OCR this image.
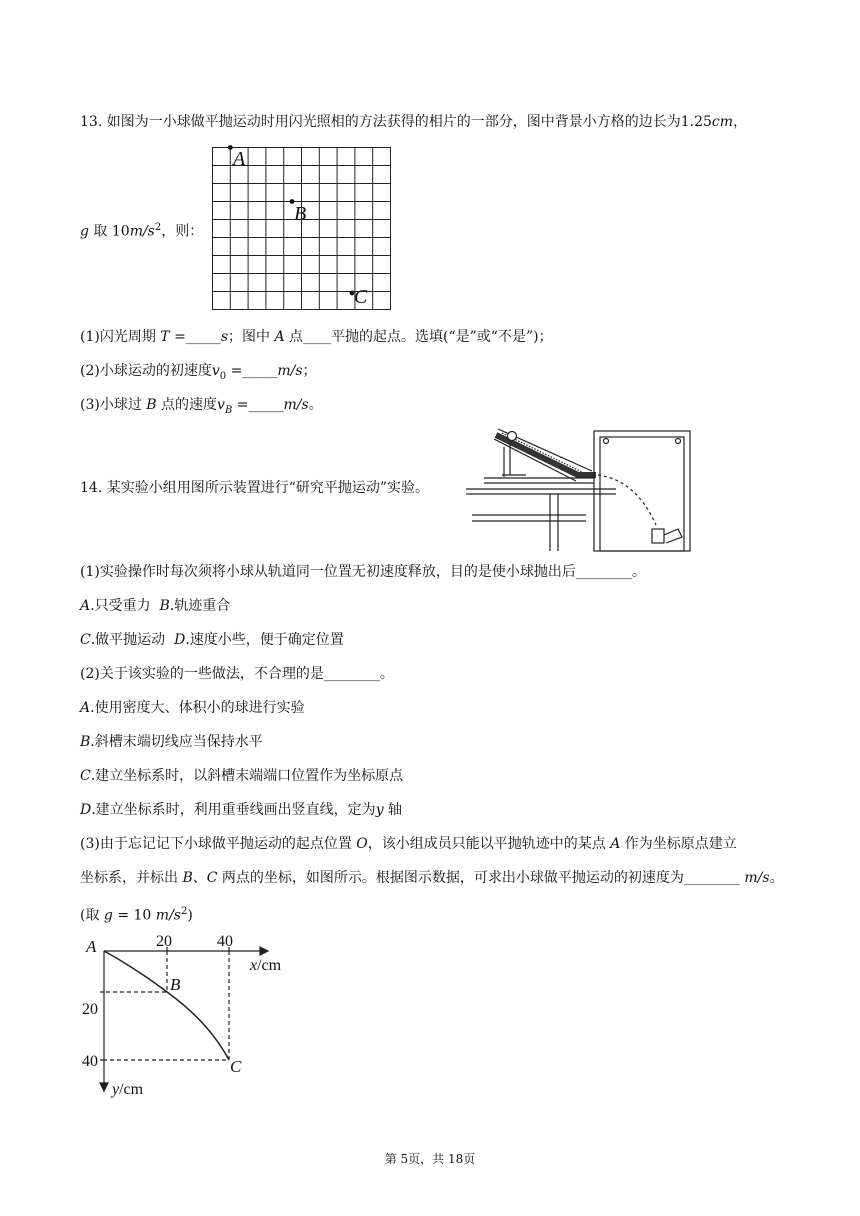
13. 如图为一小球做平抛运动时用闪光照相的方法获得的相片的一部分，图中背景小方格的边长为1.25cm，
A
B
C
g 取 $10m/s^2$，则：
(1)闪光周期 T =_____s；图中 A 点____平抛的起点。选填(“是”或“不是”)；
(2)小球运动的初速度$v_0$ =_____m/s；
(3)小球过 B 点的速度$v_B$ =_____m/s。
14. 某实验小组用图所示装置进行“研究平抛运动”实验。
(1)实验操作时每次须将小球从轨道同一位置无初速度释放，目的是使小球抛出后________。
A.只受重力 B.轨迹重合
C.做平抛运动 D.速度小些，便于确定位置
(2)关于该实验的一些做法，不合理的是________。
A.使用密度大、体积小的球进行实验
B.斜槽末端切线应当保持水平
C.建立坐标系时，以斜槽末端端口位置作为坐标原点
D.建立坐标系时，利用重垂线画出竖直线，定为y 轴
(3)由于忘记记下小球做平抛运动的起点位置 O，该小组成员只能以平抛轨迹中的某点 A 作为坐标原点建立
坐标系，并标出 B、C 两点的坐标，如图所示。根据图示数据，可求出小球做平抛运动的初速度为________ m/s。
(取 g = 10 $m/s^2$)
A
B
C
20	40
20
40
x/cm
y/cm
第 5页，共 18页
